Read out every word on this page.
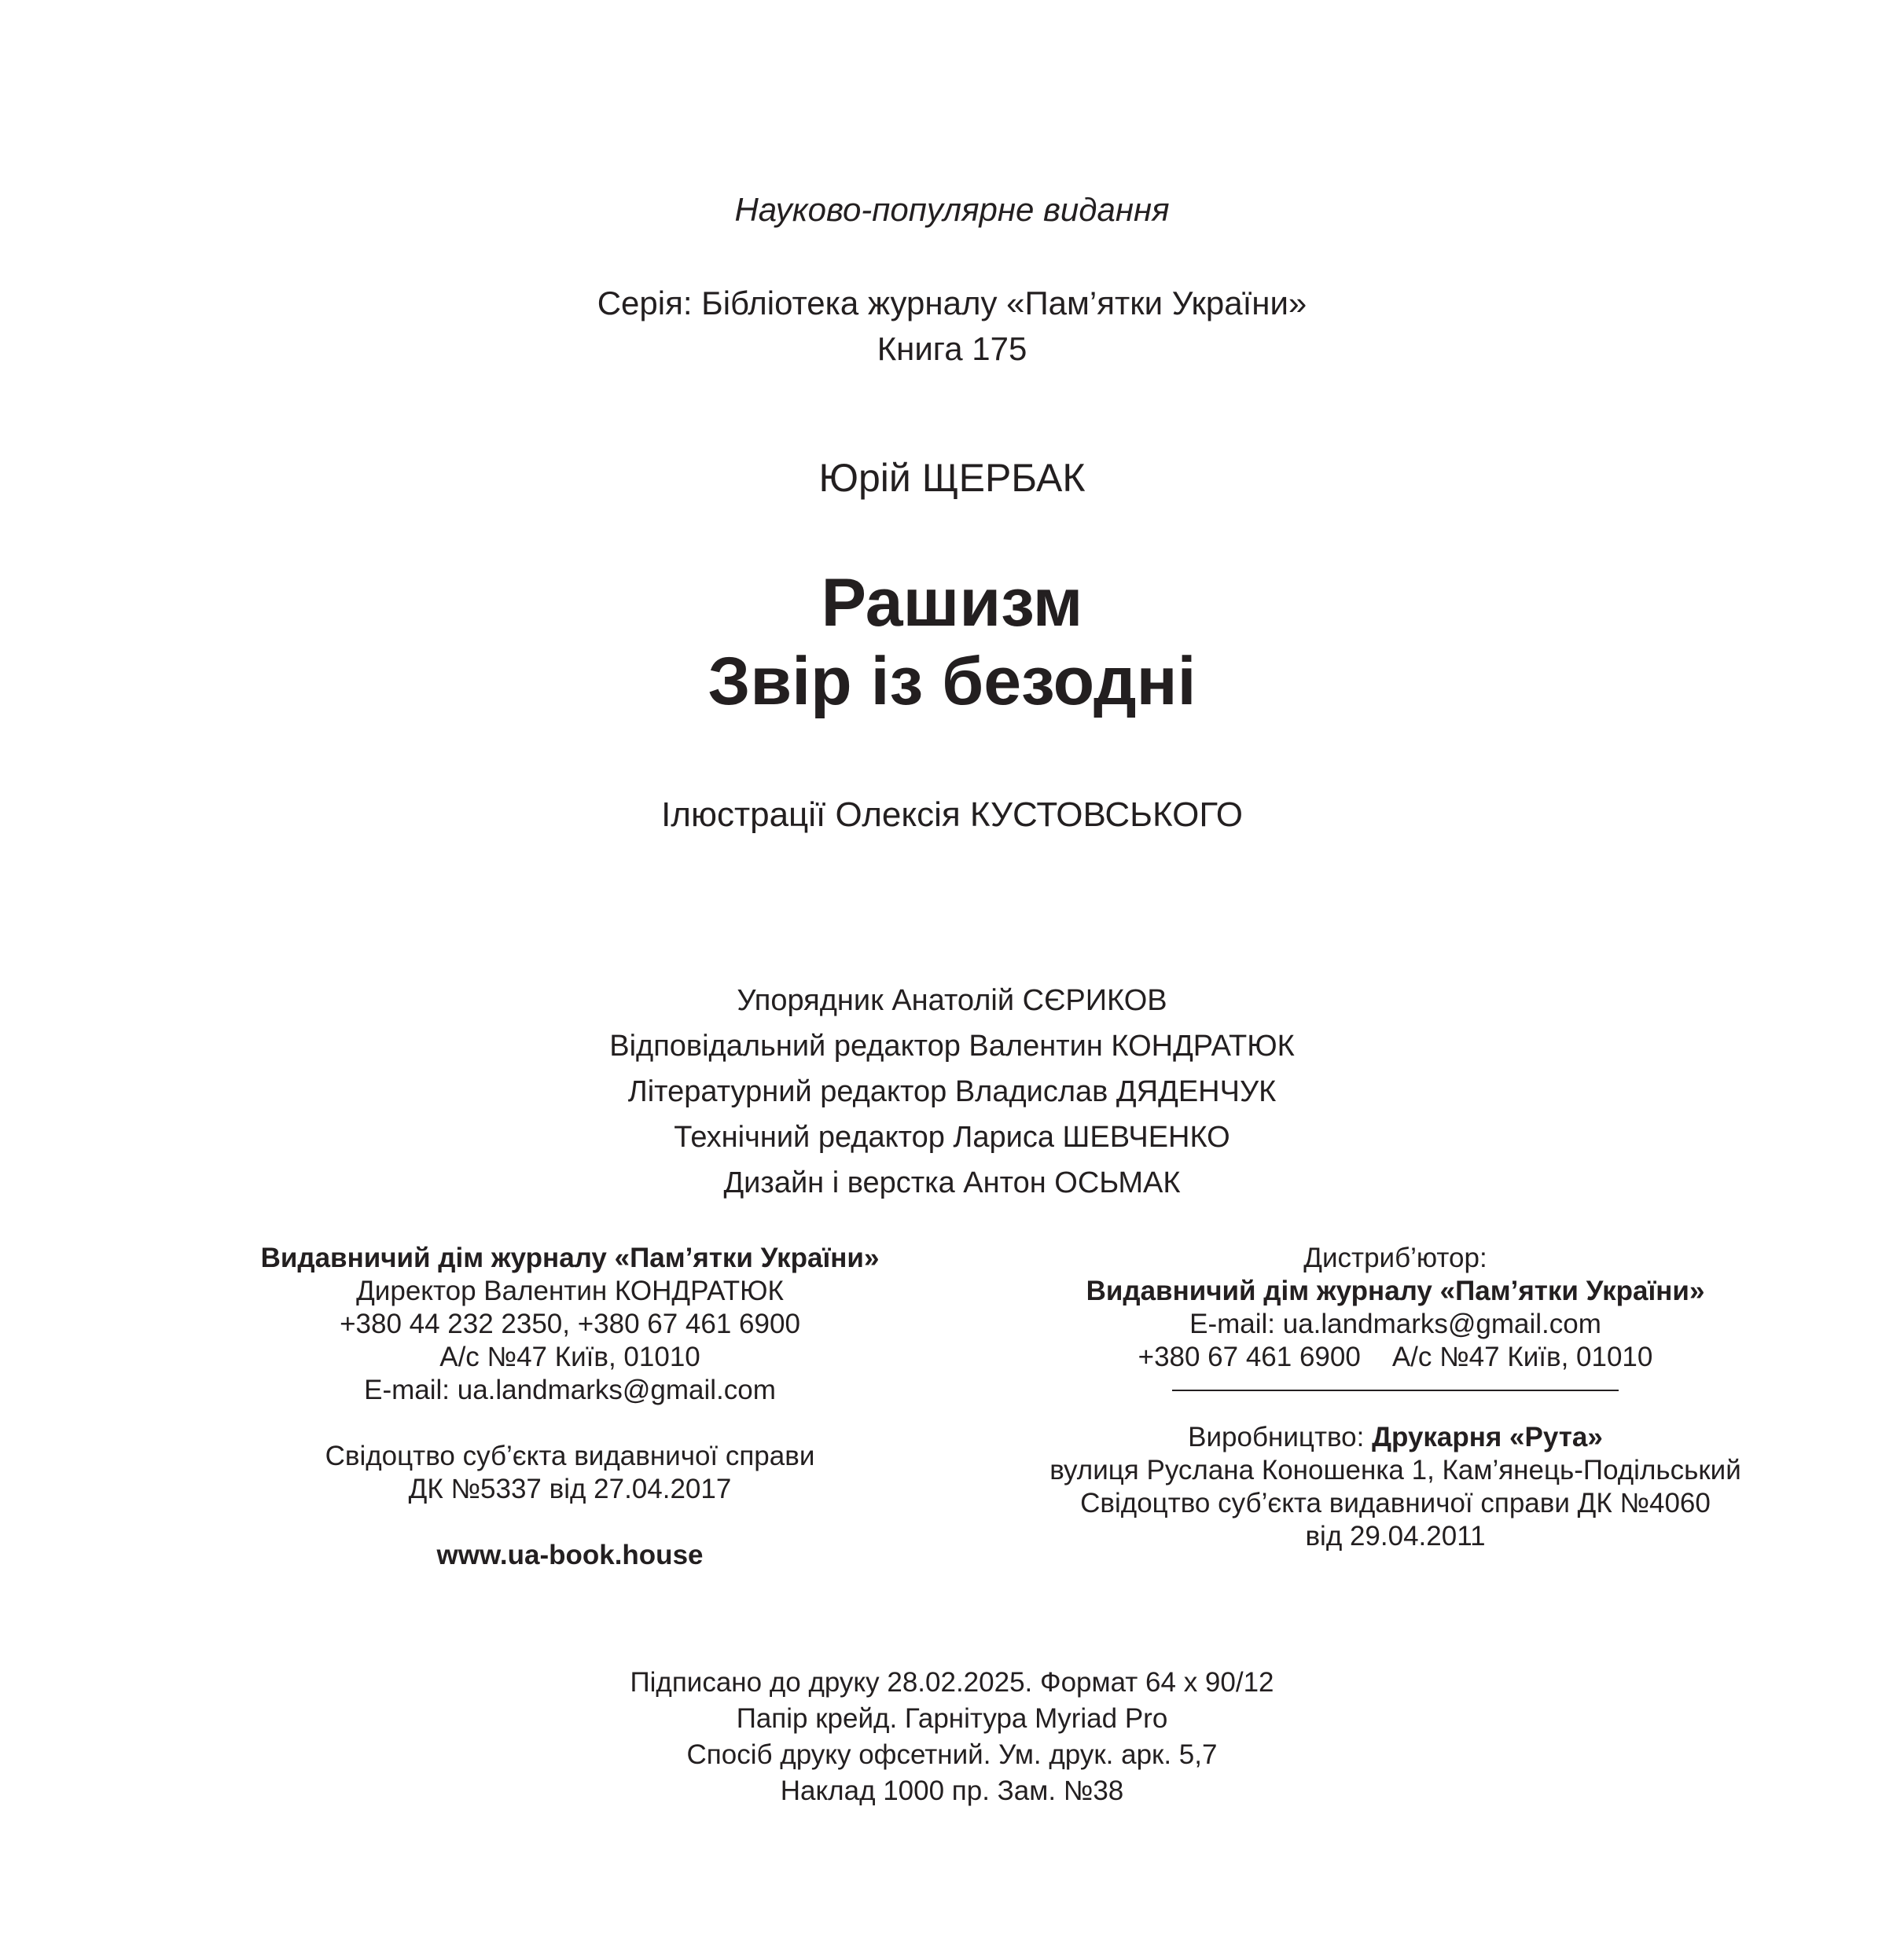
Науково-популярне видання
Серія: Бібліотека журналу «Пам’ятки України»
Книга 175
Юрій ЩЕРБАК
Рашизм
Звір із безодні
Ілюстрації Олексія КУСТОВСЬКОГО
Упорядник Анатолій СЄРИКОВ
Відповідальний редактор Валентин КОНДРАТЮК
Літературний редактор Владислав ДЯДЕНЧУК
Технічний редактор Лариса ШЕВЧЕНКО
Дизайн і верстка Антон ОСЬМАК
Видавничий дім журналу «Пам’ятки України»
Директор Валентин КОНДРАТЮК
+380 44 232 2350, +380 67 461 6900
А/с №47 Київ, 01010
E-mail: ua.landmarks@gmail.com
Свідоцтво суб’єкта видавничої справи
ДК №5337 від 27.04.2017
www.ua-book.house
Дистриб’ютор:
Видавничий дім журналу «Пам’ятки України»
E-mail: ua.landmarks@gmail.com
+380 67 461 6900 А/с №47 Київ, 01010
Виробництво: Друкарня «Рута»
вулиця Руслана Коношенка 1, Кам’янець-Подільський
Свідоцтво суб’єкта видавничої справи ДК №4060
від 29.04.2011
Підписано до друку 28.02.2025. Формат 64 х 90/12
Папір крейд. Гарнітура Myriad Pro
Спосіб друку офсетний. Ум. друк. арк. 5,7
Наклад 1000 пр. Зам. №38
